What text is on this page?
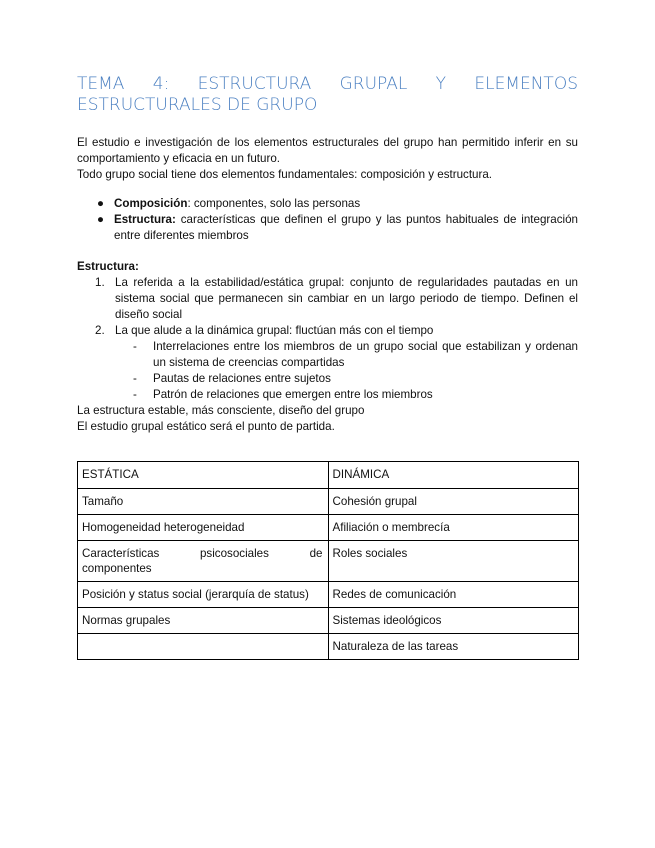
TEMA 4: ESTRUCTURA GRUPAL Y ELEMENTOS
ESTRUCTURALES DE GRUPO
El estudio e investigación de los elementos estructurales del grupo han permitido inferir en su comportamiento y eficacia en un futuro.
Todo grupo social tiene dos elementos fundamentales: composición y estructura.
● Composición: componentes, solo las personas
● Estructura: características que definen el grupo y las puntos habituales de integración entre diferentes miembros
Estructura:
1. La referida a la estabilidad/estática grupal: conjunto de regularidades pautadas en un sistema social que permanecen sin cambiar en un largo periodo de tiempo. Definen el diseño social
2. La que alude a la dinámica grupal: fluctúan más con el tiempo
- Interrelaciones entre los miembros de un grupo social que estabilizan y ordenan un sistema de creencias compartidas
- Pautas de relaciones entre sujetos
- Patrón de relaciones que emergen entre los miembros
La estructura estable, más consciente, diseño del grupo
El estudio grupal estático será el punto de partida.
ESTÁTICA	DINÁMICA
Tamaño	Cohesión grupal
Homogeneidad heterogeneidad	Afiliación o membrecía

Características psicosociales de
componentes	Roles sociales
Posición y status social (jerarquía de status)	Redes de comunicación
Normas grupales	Sistemas ideológicos
	Naturaleza de las tareas
